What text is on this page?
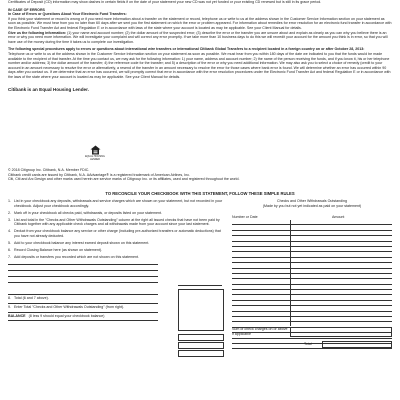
Certificates of Deposit (CD) information may show dashes in certain fields if on the date of your statement your new CD was not yet funded or your existing CD renewed but is still in its grace period.

IN CASE OF ERRORS

In Case of Errors or Questions About Your Electronic Fund Transfers:

If you think your statement or record is wrong or if you need more information about a transfer on the statement or record, telephone us or write to us at the address shown in the Customer Service Information section on your statement as soon as possible. We must hear from you no later than 60 days after we sent you the first statement on which the error or problem appeared. For information about remedies for error resolution for an electronic fund transfer in accordance with the Electronic Fund Transfer Act and federal Regulation E or in accordance with laws of the state where your account is located as may be applicable. See your Client Manual for details.

Give us the following information: (1) your name and account number; (2) the dollar amount of the suspected error; (3) describe the error or the transfer you are unsure about and explain as clearly as you can why you believe there is an error or why you need more information. We will investigate your complaint and will correct any error promptly. If we take more than 10 business days to do this we will recredit your account for the amount you think is in error, so that you will have use of the money during the time it takes us to complete our investigation.

The following special procedures apply to errors or questions about international wire transfers or international Citibank Global Transfers to a recipient located in a foreign country on or after October 28, 2013:

Telephone us or write to us at the address shown in the Customer Service Information section on your statement as soon as possible. We must hear from you within 180 days of the date we indicated to you that the funds would be made available to the recipient of that transfer. At the time you contact us, we may ask for the following information: 1) your name, address and account number; 2) the name of the person receiving the funds, and if you know it, his or her telephone number and/or address; 3) the dollar amount of the transfer; 4) the reference code for the transfer; and 5) a description of the error or why you need additional information. We may also ask you to select a choice of remedy (credit to your account in an amount necessary to resolve the error or alternatively, a resend of the transfer in an amount necessary to resolve the error for those cases where bank error is found. We will determine whether an error has occurred within 90 days after you contact us. If we determine that an error has occurred, we will promptly correct that error in accordance with the error resolution procedures under the Electronic Fund Transfer Act and federal Regulation E or in accordance with the laws of the state where your account is located as may be applicable. See your Client Manual for details.

Citibank is an Equal Housing Lender.

EQUAL HOUSING LENDER

© 2018 Citigroup Inc. Citibank, N.A. Member FDIC.

Citibank credit cards are issued by Citibank, N.A. AAdvantage® is a registered trademark of American Airlines, Inc.

Citi, Citi and Arc Design and other marks used herein are service marks of Citigroup Inc. or its affiliates, used and registered throughout the world.

TO RECONCILE YOUR CHECKBOOK WITH THIS STATEMENT, FOLLOW THESE SIMPLE RULES
1. List in your checkbook any deposits, withdrawals and service charges which are shown on your statement, but not recorded in your checkbook. Adjust your checkbook accordingly.
2. Mark off in your checkbook all checks paid, withdrawals, or deposits listed on your statement.
3. List and total in the "Checks and Other Withdrawals Outstanding" column at the right all issued checks that have not been paid by Citibank together with any applicable check charges and all withdrawals made from your account since your last statement.
4. Deduct from your checkbook balance any service or other charge (including pre-authorized transfers or automatic deductions) that you have not already deducted.
5. Add to your checkbook balance any interest earned deposit shown on this statement.
6. Record Closing Balance here (as shown on statement).
7. Add deposits or transfers you recorded which are not shown on this statement.
8. Total (6 and 7 above).
9. Enter Total "Checks and Other Withdrawals Outstanding" (from right).
BALANCE (8 less 9 should equal your checkbook balance)
Checks and Other Withdrawals Outstanding
(Made by you but not yet indicated as paid on your statement)
Number or Date	Amount
Sum of check charges on or above if applicable
Total
